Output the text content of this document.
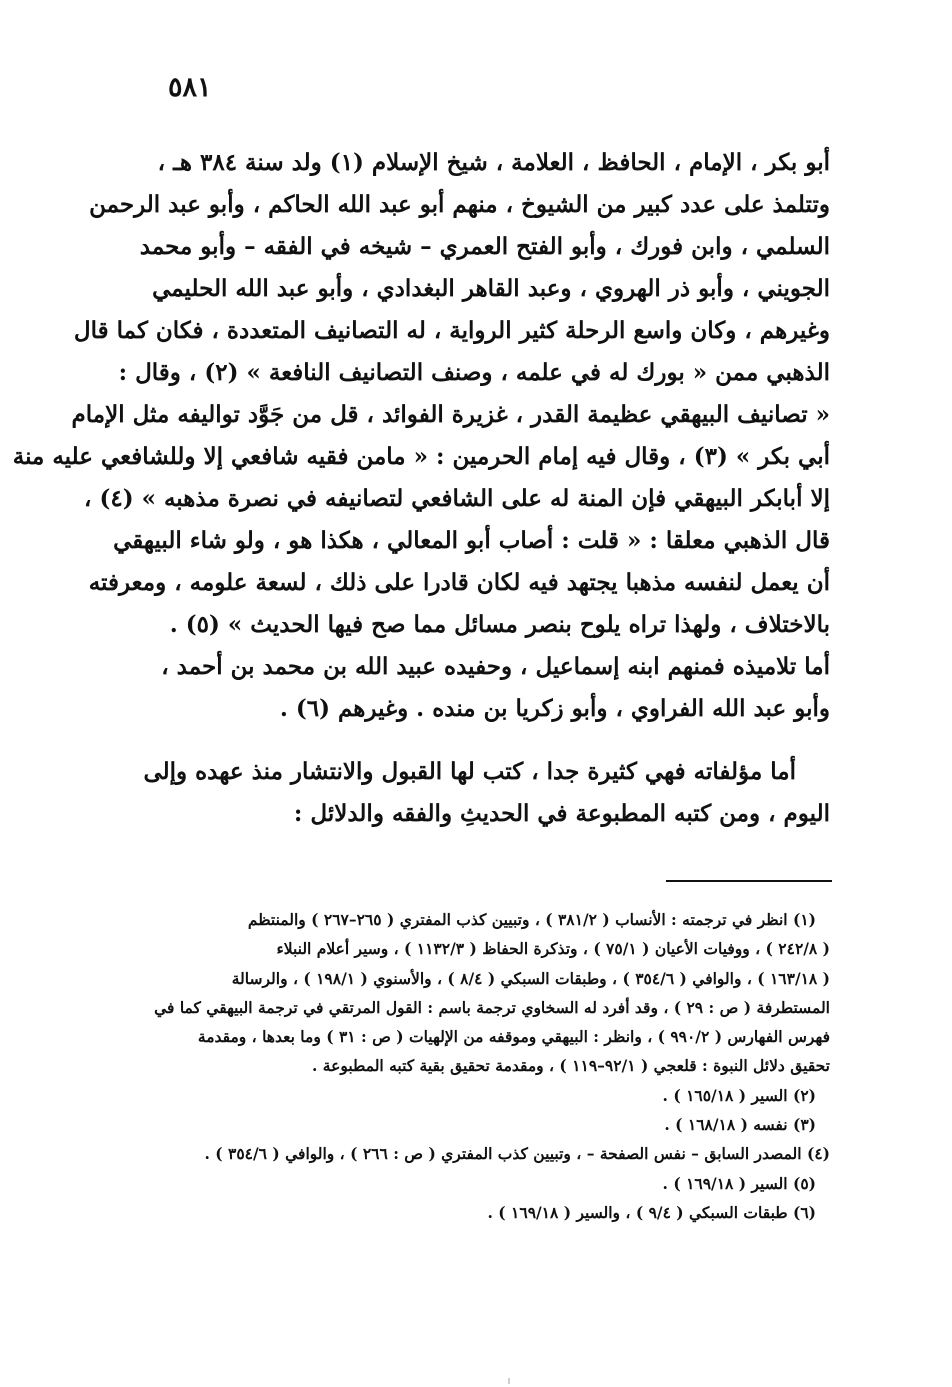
٥٨١
أبو بكر ، الإمام ، الحافظ ، العلامة ، شيخ الإسلام (١) ولد سنة ٣٨٤ هـ ،
وتتلمذ على عدد كبير من الشيوخ ، منهم أبو عبد الله الحاكم ، وأبو عبد الرحمن
السلمي ، وابن فورك ، وأبو الفتح العمري – شيخه في الفقه – وأبو محمد
الجويني ، وأبو ذر الهروي ، وعبد القاهر البغدادي ، وأبو عبد الله الحليمي
وغيرهم ، وكان واسع الرحلة كثير الرواية ، له التصانيف المتعددة ، فكان كما قال
الذهبي ممن « بورك له في علمه ، وصنف التصانيف النافعة » (٢) ، وقال :
« تصانيف البيهقي عظيمة القدر ، غزيرة الفوائد ، قل من جَوَّد تواليفه مثل الإمام
أبي بكر » (٣) ، وقال فيه إمام الحرمين : « مامن فقيه شافعي إلا وللشافعي عليه منة
إلا أبابكر البيهقي فإن المنة له على الشافعي لتصانيفه في نصرة مذهبه » (٤) ،
قال الذهبي معلقا : « قلت : أصاب أبو المعالي ، هكذا هو ، ولو شاء البيهقي
أن يعمل لنفسه مذهبا يجتهد فيه لكان قادرا على ذلك ، لسعة علومه ، ومعرفته
بالاختلاف ، ولهذا تراه يلوح بنصر مسائل مما صح فيها الحديث » (٥) .
أما تلاميذه فمنهم ابنه إسماعيل ، وحفيده عبيد الله بن محمد بن أحمد ،
وأبو عبد الله الفراوي ، وأبو زكريا بن منده . وغيرهم (٦) .
أما مؤلفاته فهي كثيرة جدا ، كتب لها القبول والانتشار منذ عهده وإلى
اليوم ، ومن كتبه المطبوعة في الحديثِ والفقه والدلائل :
(١) انظر في ترجمته : الأنساب ( ٣٨١/٢ ) ، وتبيين كذب المفتري ( ٢٦٥–٢٦٧ ) والمنتظم
( ٢٤٢/٨ ) ، ووفيات الأعيان ( ٧٥/١ ) ، وتذكرة الحفاظ ( ١١٣٢/٣ ) ، وسير أعلام النبلاء
( ١٦٣/١٨ ) ، والوافي ( ٣٥٤/٦ ) ، وطبقات السبكي ( ٨/٤ ) ، والأسنوي ( ١٩٨/١ ) ، والرسالة
المستطرفة ( ص : ٢٩ ) ، وقد أفرد له السخاوي ترجمة باسم : القول المرتقي في ترجمة البيهقي كما في
فهرس الفهارس ( ٩٩٠/٢ ) ، وانظر : البيهقي وموقفه من الإلهيات ( ص : ٣١ ) وما بعدها ، ومقدمة
تحقيق دلائل النبوة : قلعجي ( ٩٢/١–١١٩ ) ، ومقدمة تحقيق بقية كتبه المطبوعة .
(٢) السير ( ١٦٥/١٨ ) .
(٣) نفسه ( ١٦٨/١٨ ) .
(٤) المصدر السابق – نفس الصفحة – ، وتبيين كذب المفتري ( ص : ٢٦٦ ) ، والوافي ( ٣٥٤/٦ ) .
(٥) السير ( ١٦٩/١٨ ) .
(٦) طبقات السبكي ( ٩/٤ ) ، والسير ( ١٦٩/١٨ ) .
